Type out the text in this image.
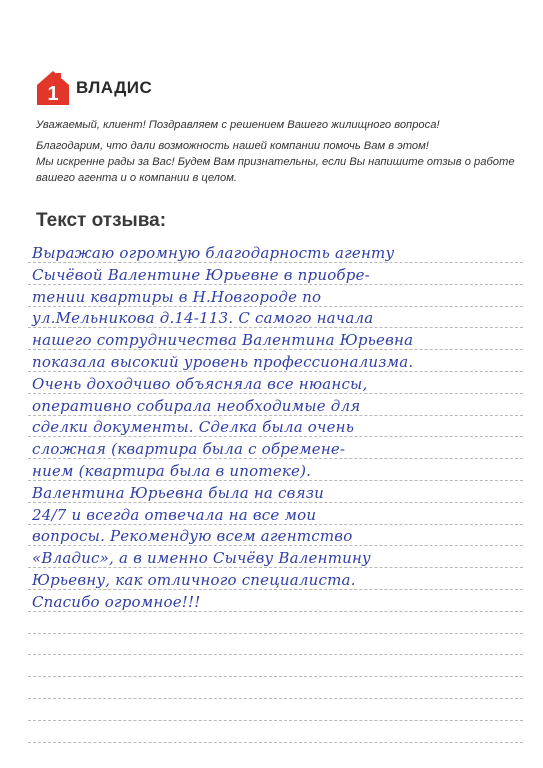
1 ВЛАДИС

Уважаемый, клиент! Поздравляем с решением Вашего жилищного вопроса!

Благодарим, что дали возможность нашей компании помочь Вам в этом!

Мы искренне рады за Вас! Будем Вам признательны, если Вы напишите отзыв о работе

вашего агента и о компании в целом.

Текст отзыва:
Выражаю огромную благодарность агенту
Сычёвой Валентине Юрьевне в приобре-
тении квартиры в Н.Новгороде по
ул.Мельникова д.14-113. С самого начала
нашего сотрудничества Валентина Юрьевна
показала высокий уровень профессионализма.
Очень доходчиво объясняла все нюансы,
оперативно собирала необходимые для
сделки документы. Сделка была очень
сложная (квартира была с обремене-
нием (квартира была в ипотеке).
Валентина Юрьевна была на связи
24/7 и всегда отвечала на все мои
вопросы. Рекомендую всем агентство
«Владис», а в именно Сычёву Валентину
Юрьевну, как отличного специалиста.
Спасибо огромное!!!
